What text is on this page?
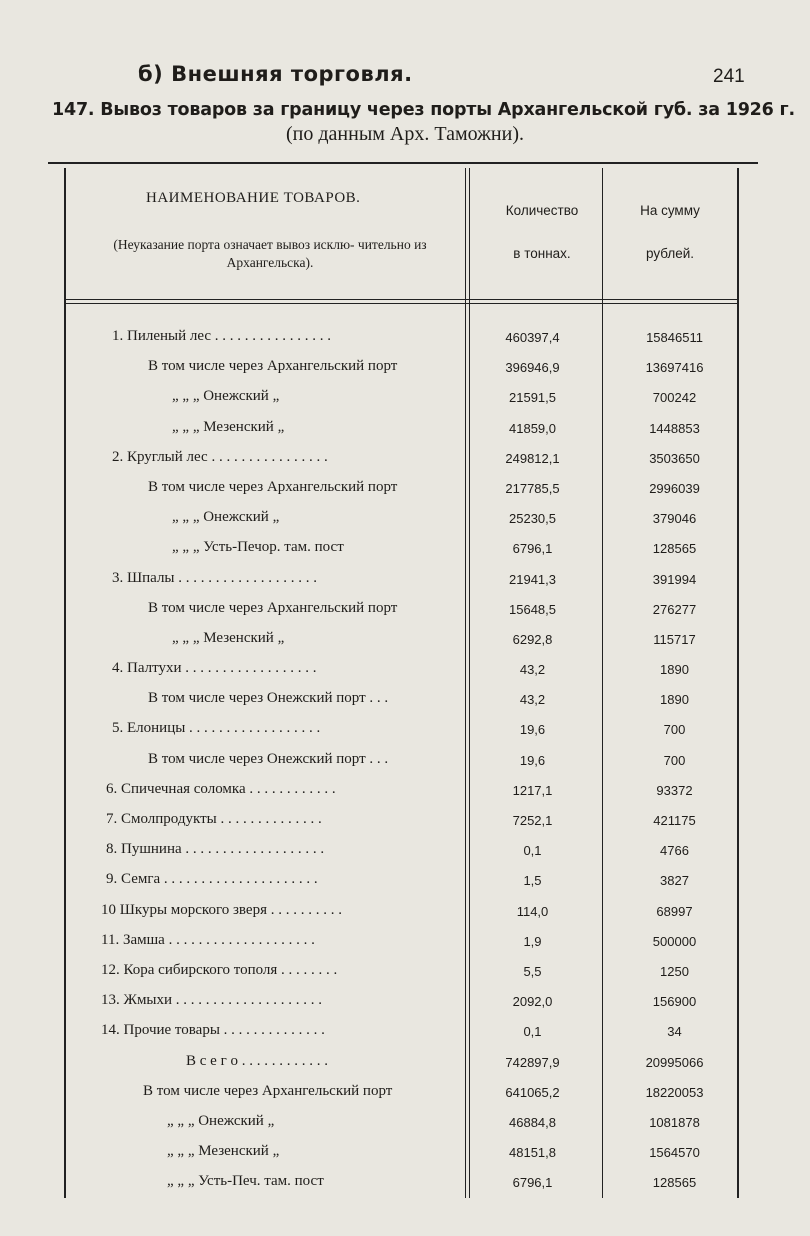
б) Внешняя торговля.	241
147. Вывоз товаров за границу через порты Архангельской губ. за 1926 г.
(по данным Арх. Таможни).
НАИМЕНОВАНИЕ ТОВАРОВ.
(Неуказание порта означает вывоз исклю- чительно из Архангельска).
Количество
в тоннах.
На сумму
рублей.
1. Пиленый лес . . . . . . . . . . . . . . . .	460397,4	15846511
В том числе через Архангельский порт	396946,9	13697416
„ „ „ Онежский „	21591,5	700242
„ „ „ Мезенский „	41859,0	1448853
2. Круглый лес . . . . . . . . . . . . . . . .	249812,1	3503650
В том числе через Архангельский порт	217785,5	2996039
„ „ „ Онежский „	25230,5	379046
„ „ „ Усть-Печор. там. пост	6796,1	128565
3. Шпалы . . . . . . . . . . . . . . . . . . .	21941,3	391994
В том числе через Архангельский порт	15648,5	276277
„ „ „ Мезенский „	6292,8	115717
4. Палтухи . . . . . . . . . . . . . . . . . .	43,2	1890
В том числе через Онежский порт . . .	43,2	1890
5. Елоницы . . . . . . . . . . . . . . . . . .	19,6	700
В том числе через Онежский порт . . .	19,6	700
6. Спичечная соломка . . . . . . . . . . . .	1217,1	93372
7. Смолпродукты . . . . . . . . . . . . . .	7252,1	421175
8. Пушнина . . . . . . . . . . . . . . . . . . .	0,1	4766
9. Семга . . . . . . . . . . . . . . . . . . . . .	1,5	3827
10 Шкуры морского зверя . . . . . . . . . .	114,0	68997
11. Замша . . . . . . . . . . . . . . . . . . . .	1,9	500000
12. Кора сибирского тополя . . . . . . . .	5,5	1250
13. Жмыхи . . . . . . . . . . . . . . . . . . . .	2092,0	156900
14. Прочие товары . . . . . . . . . . . . . .	0,1	34
В с е г о . . . . . . . . . . . .	742897,9	20995066
В том числе через Архангельский порт	641065,2	18220053
„ „ „ Онежский „	46884,8	1081878
„ „ „ Мезенский „	48151,8	1564570
„ „ „ Усть-Печ. там. пост	6796,1	128565
